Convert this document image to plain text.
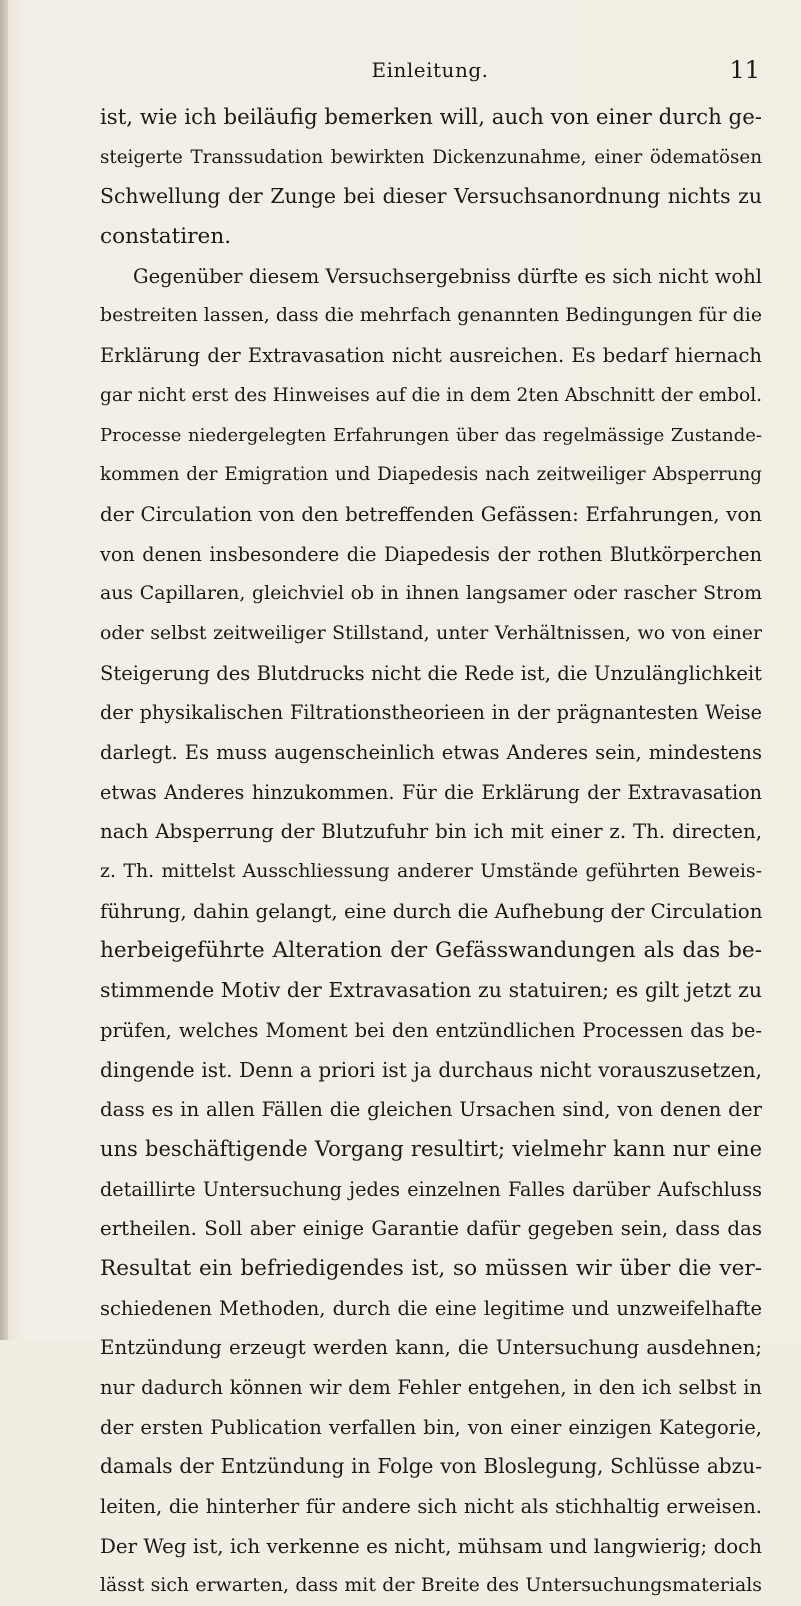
Einleitung.	11
ist, wie ich beiläufig bemerken will, auch von einer durch ge-
steigerte Transsudation bewirkten Dickenzunahme, einer ödematösen
Schwellung der Zunge bei dieser Versuchsanordnung nichts zu
constatiren.
Gegenüber diesem Versuchsergebniss dürfte es sich nicht wohl
bestreiten lassen, dass die mehrfach genannten Bedingungen für die
Erklärung der Extravasation nicht ausreichen. Es bedarf hiernach
gar nicht erst des Hinweises auf die in dem 2ten Abschnitt der embol.
Processe niedergelegten Erfahrungen über das regelmässige Zustande-
kommen der Emigration und Diapedesis nach zeitweiliger Absperrung
der Circulation von den betreffenden Gefässen: Erfahrungen, von
von denen insbesondere die Diapedesis der rothen Blutkörperchen
aus Capillaren, gleichviel ob in ihnen langsamer oder rascher Strom
oder selbst zeitweiliger Stillstand, unter Verhältnissen, wo von einer
Steigerung des Blutdrucks nicht die Rede ist, die Unzulänglichkeit
der physikalischen Filtrationstheorieen in der prägnantesten Weise
darlegt. Es muss augenscheinlich etwas Anderes sein, mindestens
etwas Anderes hinzukommen. Für die Erklärung der Extravasation
nach Absperrung der Blutzufuhr bin ich mit einer z. Th. directen,
z. Th. mittelst Ausschliessung anderer Umstände geführten Beweis-
führung, dahin gelangt, eine durch die Aufhebung der Circulation
herbeigeführte Alteration der Gefässwandungen als das be-
stimmende Motiv der Extravasation zu statuiren; es gilt jetzt zu
prüfen, welches Moment bei den entzündlichen Processen das be-
dingende ist. Denn a priori ist ja durchaus nicht vorauszusetzen,
dass es in allen Fällen die gleichen Ursachen sind, von denen der
uns beschäftigende Vorgang resultirt; vielmehr kann nur eine
detaillirte Untersuchung jedes einzelnen Falles darüber Aufschluss
ertheilen. Soll aber einige Garantie dafür gegeben sein, dass das
Resultat ein befriedigendes ist, so müssen wir über die ver-
schiedenen Methoden, durch die eine legitime und unzweifelhafte
Entzündung erzeugt werden kann, die Untersuchung ausdehnen;
nur dadurch können wir dem Fehler entgehen, in den ich selbst in
der ersten Publication verfallen bin, von einer einzigen Kategorie,
damals der Entzündung in Folge von Bloslegung, Schlüsse abzu-
leiten, die hinterher für andere sich nicht als stichhaltig erweisen.
Der Weg ist, ich verkenne es nicht, mühsam und langwierig; doch
lässt sich erwarten, dass mit der Breite des Untersuchungsmaterials
